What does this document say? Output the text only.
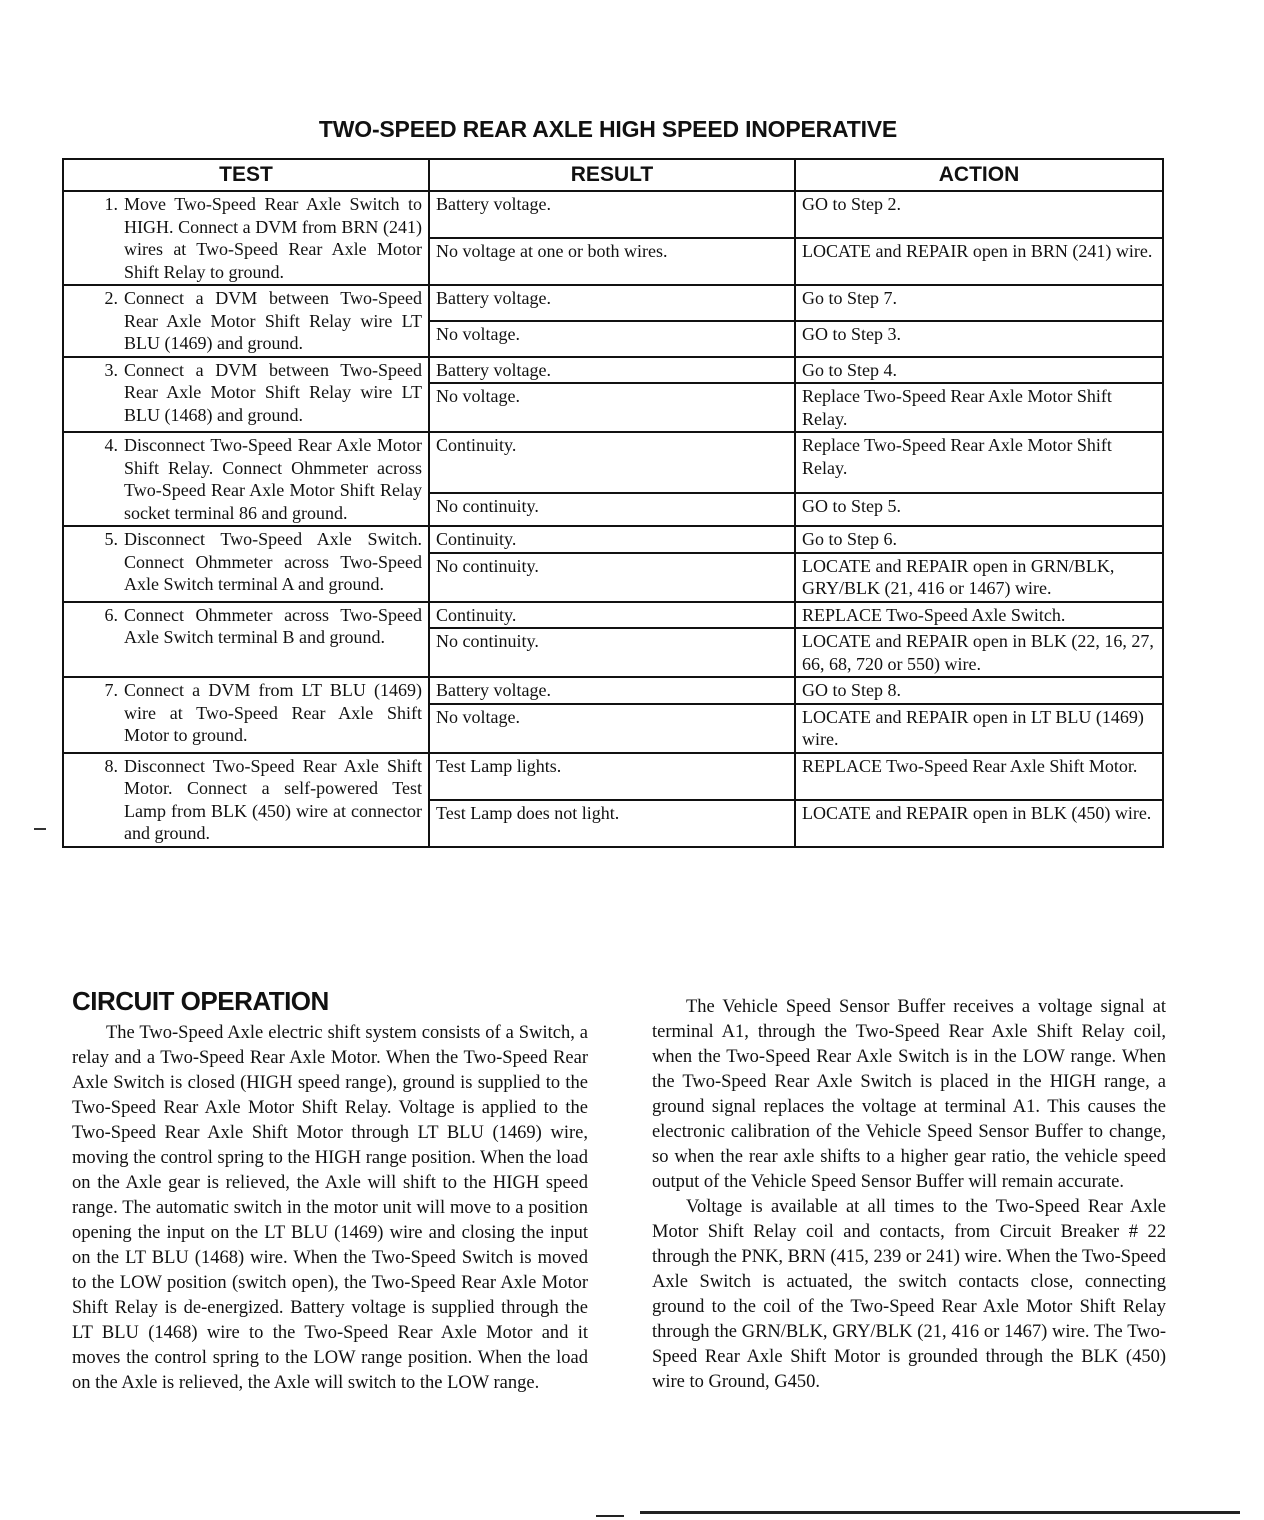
TWO-SPEED REAR AXLE HIGH SPEED INOPERATIVE
TEST	RESULT	ACTION

1. Move Two-Speed Rear Axle Switch to HIGH. Connect a DVM from BRN (241) wires at Two-Speed Rear Axle Motor Shift Relay to ground.	Battery voltage.	GO to Step 2.
	No voltage at one or both wires.	LOCATE and REPAIR open in BRN (241) wire.

2. Connect a DVM between Two-Speed Rear Axle Motor Shift Relay wire LT BLU (1469) and ground.	Battery voltage.	Go to Step 7.
	No voltage.	GO to Step 3.

3. Connect a DVM between Two-Speed Rear Axle Motor Shift Relay wire LT BLU (1468) and ground.	Battery voltage.	Go to Step 4.
	No voltage.	Replace Two-Speed Rear Axle Motor Shift Relay.

4. Disconnect Two-Speed Rear Axle Motor Shift Relay. Connect Ohmmeter across Two-Speed Rear Axle Motor Shift Relay socket terminal 86 and ground.	Continuity.	Replace Two-Speed Rear Axle Motor Shift Relay.
	No continuity.	GO to Step 5.

5. Disconnect Two-Speed Axle Switch. Connect Ohmmeter across Two-Speed Axle Switch terminal A and ground.	Continuity.	Go to Step 6.
	No continuity.	LOCATE and REPAIR open in GRN/BLK, GRY/BLK (21, 416 or 1467) wire.

6. Connect Ohmmeter across Two-Speed Axle Switch terminal B and ground.	Continuity.	REPLACE Two-Speed Axle Switch.
	No continuity.	LOCATE and REPAIR open in BLK (22, 16, 27, 66, 68, 720 or 550) wire.

7. Connect a DVM from LT BLU (1469) wire at Two-Speed Rear Axle Shift Motor to ground.	Battery voltage.	GO to Step 8.
	No voltage.	LOCATE and REPAIR open in LT BLU (1469) wire.

8. Disconnect Two-Speed Rear Axle Shift Motor. Connect a self-powered Test Lamp from BLK (450) wire at connector and ground.	Test Lamp lights.	REPLACE Two-Speed Rear Axle Shift Motor.
	Test Lamp does not light.	LOCATE and REPAIR open in BLK (450) wire.
CIRCUIT OPERATION

The Two-Speed Axle electric shift system consists of a Switch, a relay and a Two-Speed Rear Axle Motor. When the Two-Speed Rear Axle Switch is closed (HIGH speed range), ground is supplied to the Two-Speed Rear Axle Motor Shift Relay. Voltage is applied to the Two-Speed Rear Axle Shift Motor through LT BLU (1469) wire, moving the control spring to the HIGH range position. When the load on the Axle gear is relieved, the Axle will shift to the HIGH speed range. The automatic switch in the motor unit will move to a position opening the input on the LT BLU (1469) wire and closing the input on the LT BLU (1468) wire. When the Two-Speed Switch is moved to the LOW position (switch open), the Two-Speed Rear Axle Motor Shift Relay is de-energized. Battery voltage is supplied through the LT BLU (1468) wire to the Two-Speed Rear Axle Motor and it moves the control spring to the LOW range position. When the load on the Axle is relieved, the Axle will switch to the LOW range.

The Vehicle Speed Sensor Buffer receives a voltage signal at terminal A1, through the Two-Speed Rear Axle Shift Relay coil, when the Two-Speed Rear Axle Switch is in the LOW range. When the Two-Speed Rear Axle Switch is placed in the HIGH range, a ground signal replaces the voltage at terminal A1. This causes the electronic calibration of the Vehicle Speed Sensor Buffer to change, so when the rear axle shifts to a higher gear ratio, the vehicle speed output of the Vehicle Speed Sensor Buffer will remain accurate.

Voltage is available at all times to the Two-Speed Rear Axle Motor Shift Relay coil and contacts, from Circuit Breaker # 22 through the PNK, BRN (415, 239 or 241) wire. When the Two-Speed Axle Switch is actuated, the switch contacts close, connecting ground to the coil of the Two-Speed Rear Axle Motor Shift Relay through the GRN/BLK, GRY/BLK (21, 416 or 1467) wire. The Two-Speed Rear Axle Shift Motor is grounded through the BLK (450) wire to Ground, G450.
